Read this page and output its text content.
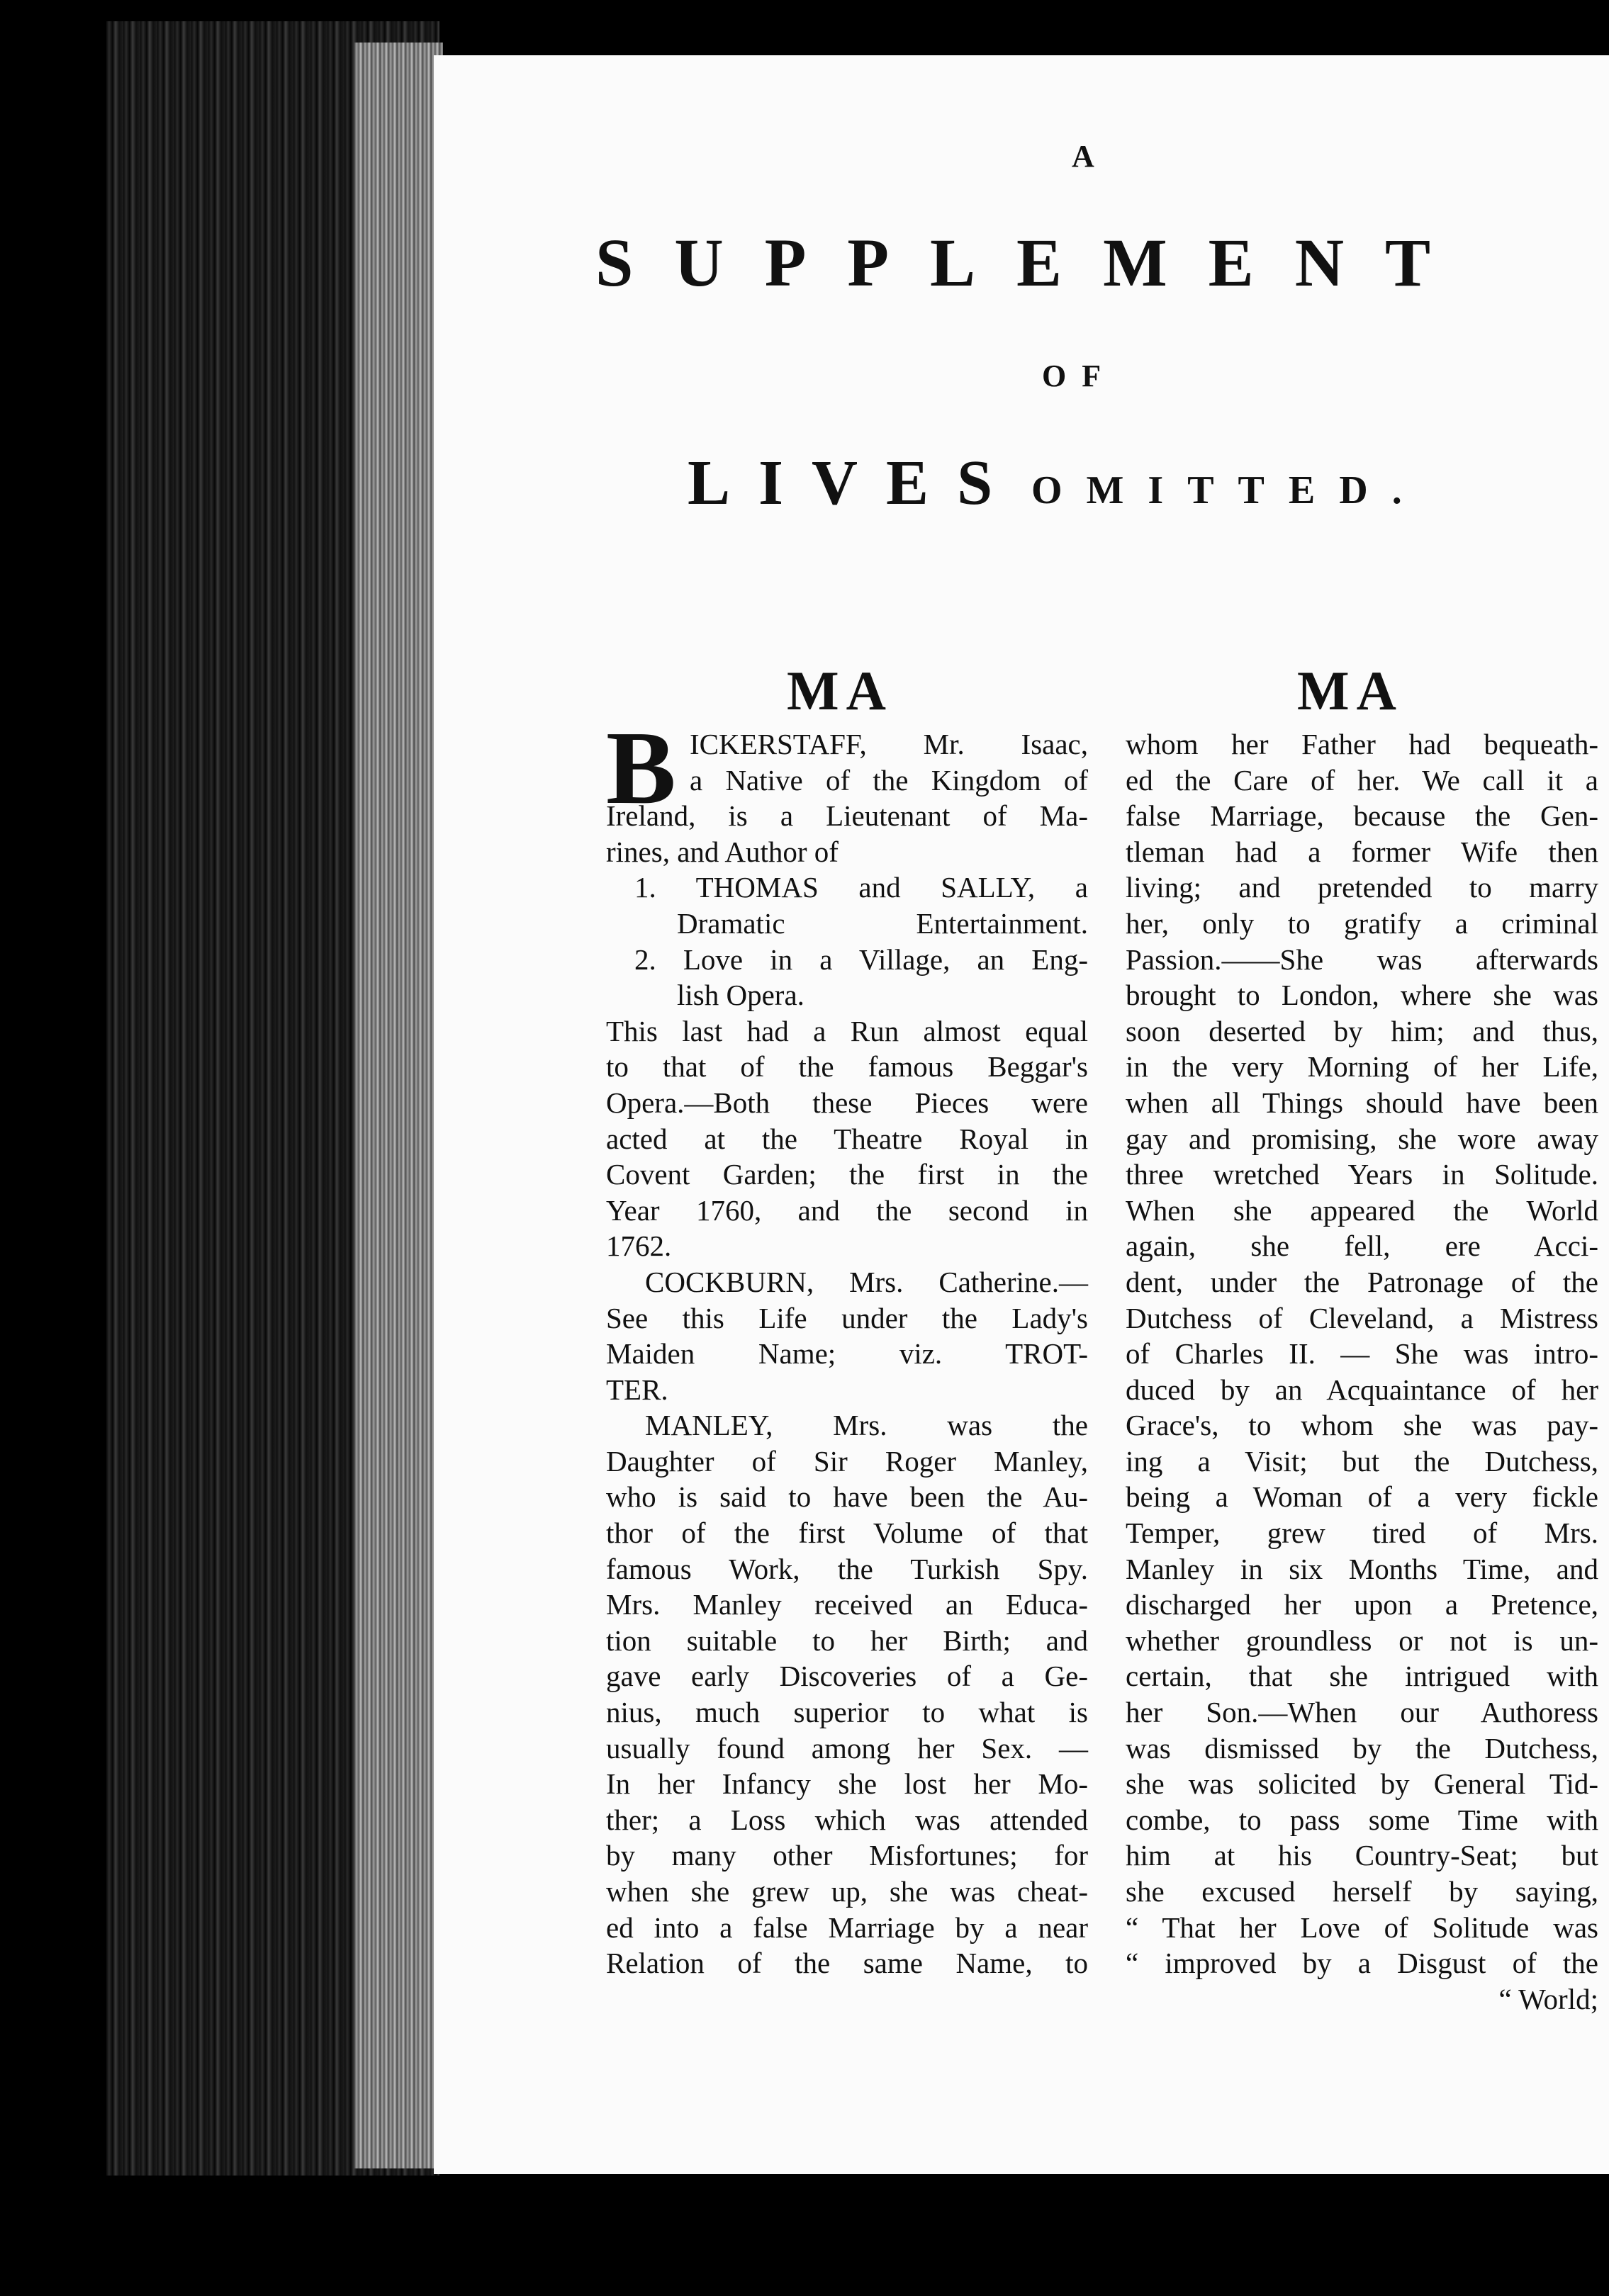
A
SUPPLEMENT
OF
LIVES OMITTED.
MA	MA
B ICKERSTAFF, Mr. Isaac,
a Native of the Kingdom of
Ireland, is a Lieutenant of Ma-
rines, and Author of
1. THOMAS and SALLY, a
Dramatic Entertainment.
2. Love in a Village, an Eng-
lish Opera.
This last had a Run almost equal
to that of the famous Beggar's
Opera.—Both these Pieces were
acted at the Theatre Royal in
Covent Garden; the first in the
Year 1760, and the second in
1762.
COCKBURN, Mrs. Catherine.—
See this Life under the Lady's
Maiden Name; viz. TROT-
TER.
MANLEY, Mrs. was the
Daughter of Sir Roger Manley,
who is said to have been the Au-
thor of the first Volume of that
famous Work, the Turkish Spy.
Mrs. Manley received an Educa-
tion suitable to her Birth; and
gave early Discoveries of a Ge-
nius, much superior to what is
usually found among her Sex. —
In her Infancy she lost her Mo-
ther; a Loss which was attended
by many other Misfortunes; for
when she grew up, she was cheat-
ed into a false Marriage by a near
Relation of the same Name, to
whom her Father had bequeath-
ed the Care of her. We call it a
false Marriage, because the Gen-
tleman had a former Wife then
living; and pretended to marry
her, only to gratify a criminal
Passion.——She was afterwards
brought to London, where she was
soon deserted by him; and thus,
in the very Morning of her Life,
when all Things should have been
gay and promising, she wore away
three wretched Years in Solitude.
When she appeared the World
again, she fell, ere Acci-
dent, under the Patronage of the
Dutchess of Cleveland, a Mistress
of Charles II. — She was intro-
duced by an Acquaintance of her
Grace's, to whom she was pay-
ing a Visit; but the Dutchess,
being a Woman of a very fickle
Temper, grew tired of Mrs.
Manley in six Months Time, and
discharged her upon a Pretence,
whether groundless or not is un-
certain, that she intrigued with
her Son.—When our Authoress
was dismissed by the Dutchess,
she was solicited by General Tid-
combe, to pass some Time with
him at his Country-Seat; but
she excused herself by saying,
“ That her Love of Solitude was
“ improved by a Disgust of the
“ World;
